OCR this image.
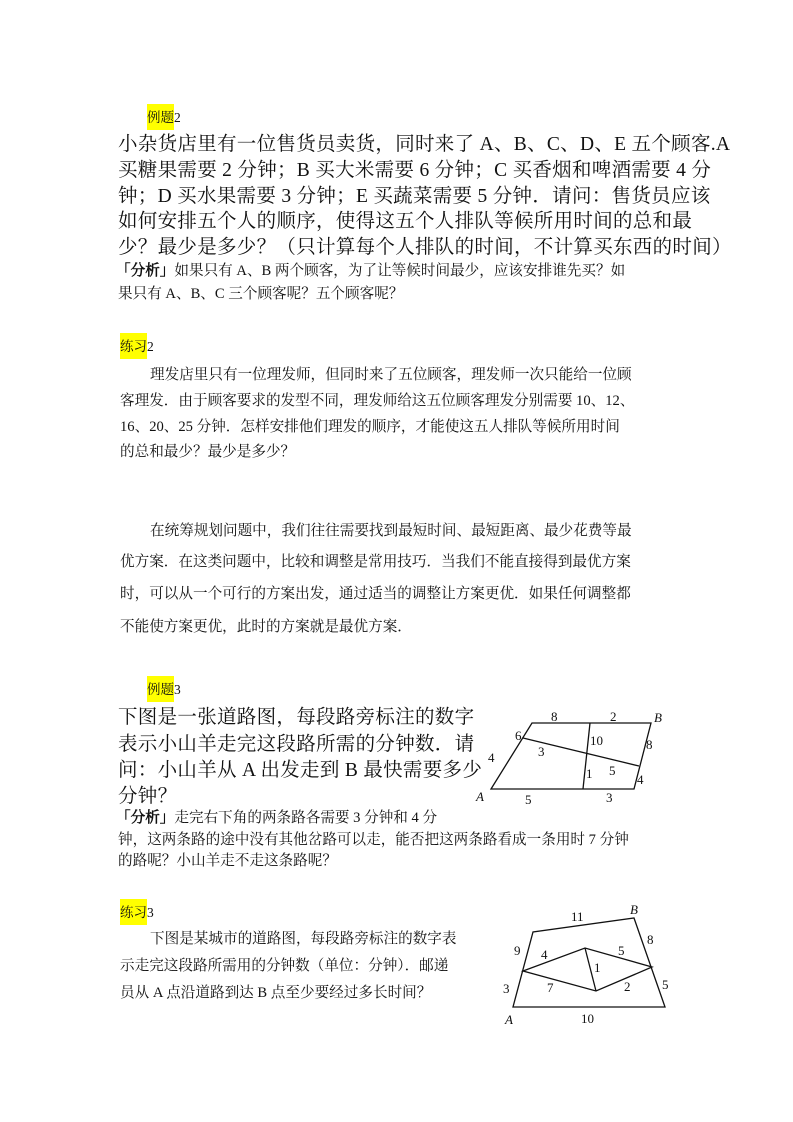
例题2
小杂货店里有一位售货员卖货，同时来了 A、B、C、D、E 五个顾客.A
买糖果需要 2 分钟；B 买大米需要 6 分钟；C 买香烟和啤酒需要 4 分
钟；D 买水果需要 3 分钟；E 买蔬菜需要 5 分钟．请问：售货员应该
如何安排五个人的顺序，使得这五个人排队等候所用时间的总和最
少？最少是多少？（只计算每个人排队的时间，不计算买东西的时间）
「分析」如果只有 A、B 两个顾客，为了让等候时间最少，应该安排谁先买？如
果只有 A、B、C 三个顾客呢？五个顾客呢？
练习2
理发店里只有一位理发师，但同时来了五位顾客，理发师一次只能给一位顾
客理发．由于顾客要求的发型不同，理发师给这五位顾客理发分别需要 10、12、
16、20、25 分钟．怎样安排他们理发的顺序，才能使这五人排队等候所用时间
的总和最少？最少是多少？
在统筹规划问题中，我们往往需要找到最短时间、最短距离、最少花费等最
优方案．在这类问题中，比较和调整是常用技巧．当我们不能直接得到最优方案
时，可以从一个可行的方案出发，通过适当的调整让方案更优．如果任何调整都
不能使方案更优，此时的方案就是最优方案．
例题3
下图是一张道路图，每段路旁标注的数字
表示小山羊走完这段路所需的分钟数．请
问：小山羊从 A 出发走到 B 最快需要多少
分钟？
「分析」走完右下角的两条路各需要 3 分钟和 4 分
钟，这两条路的途中没有其他岔路可以走，能否把这两条路看成一条用时 7 分钟
的路呢？小山羊走不走这条路呢？
练习3
下图是某城市的道路图，每段路旁标注的数字表
示走完这段路所需用的分钟数（单位：分钟）．邮递
员从 A 点沿道路到达 B 点至少要经过多长时间？
8	2	B
6	10	8
4	3
5
1	4
A	5	3
11	B
9 4	5
8
1
3	7	2 5
A	10
